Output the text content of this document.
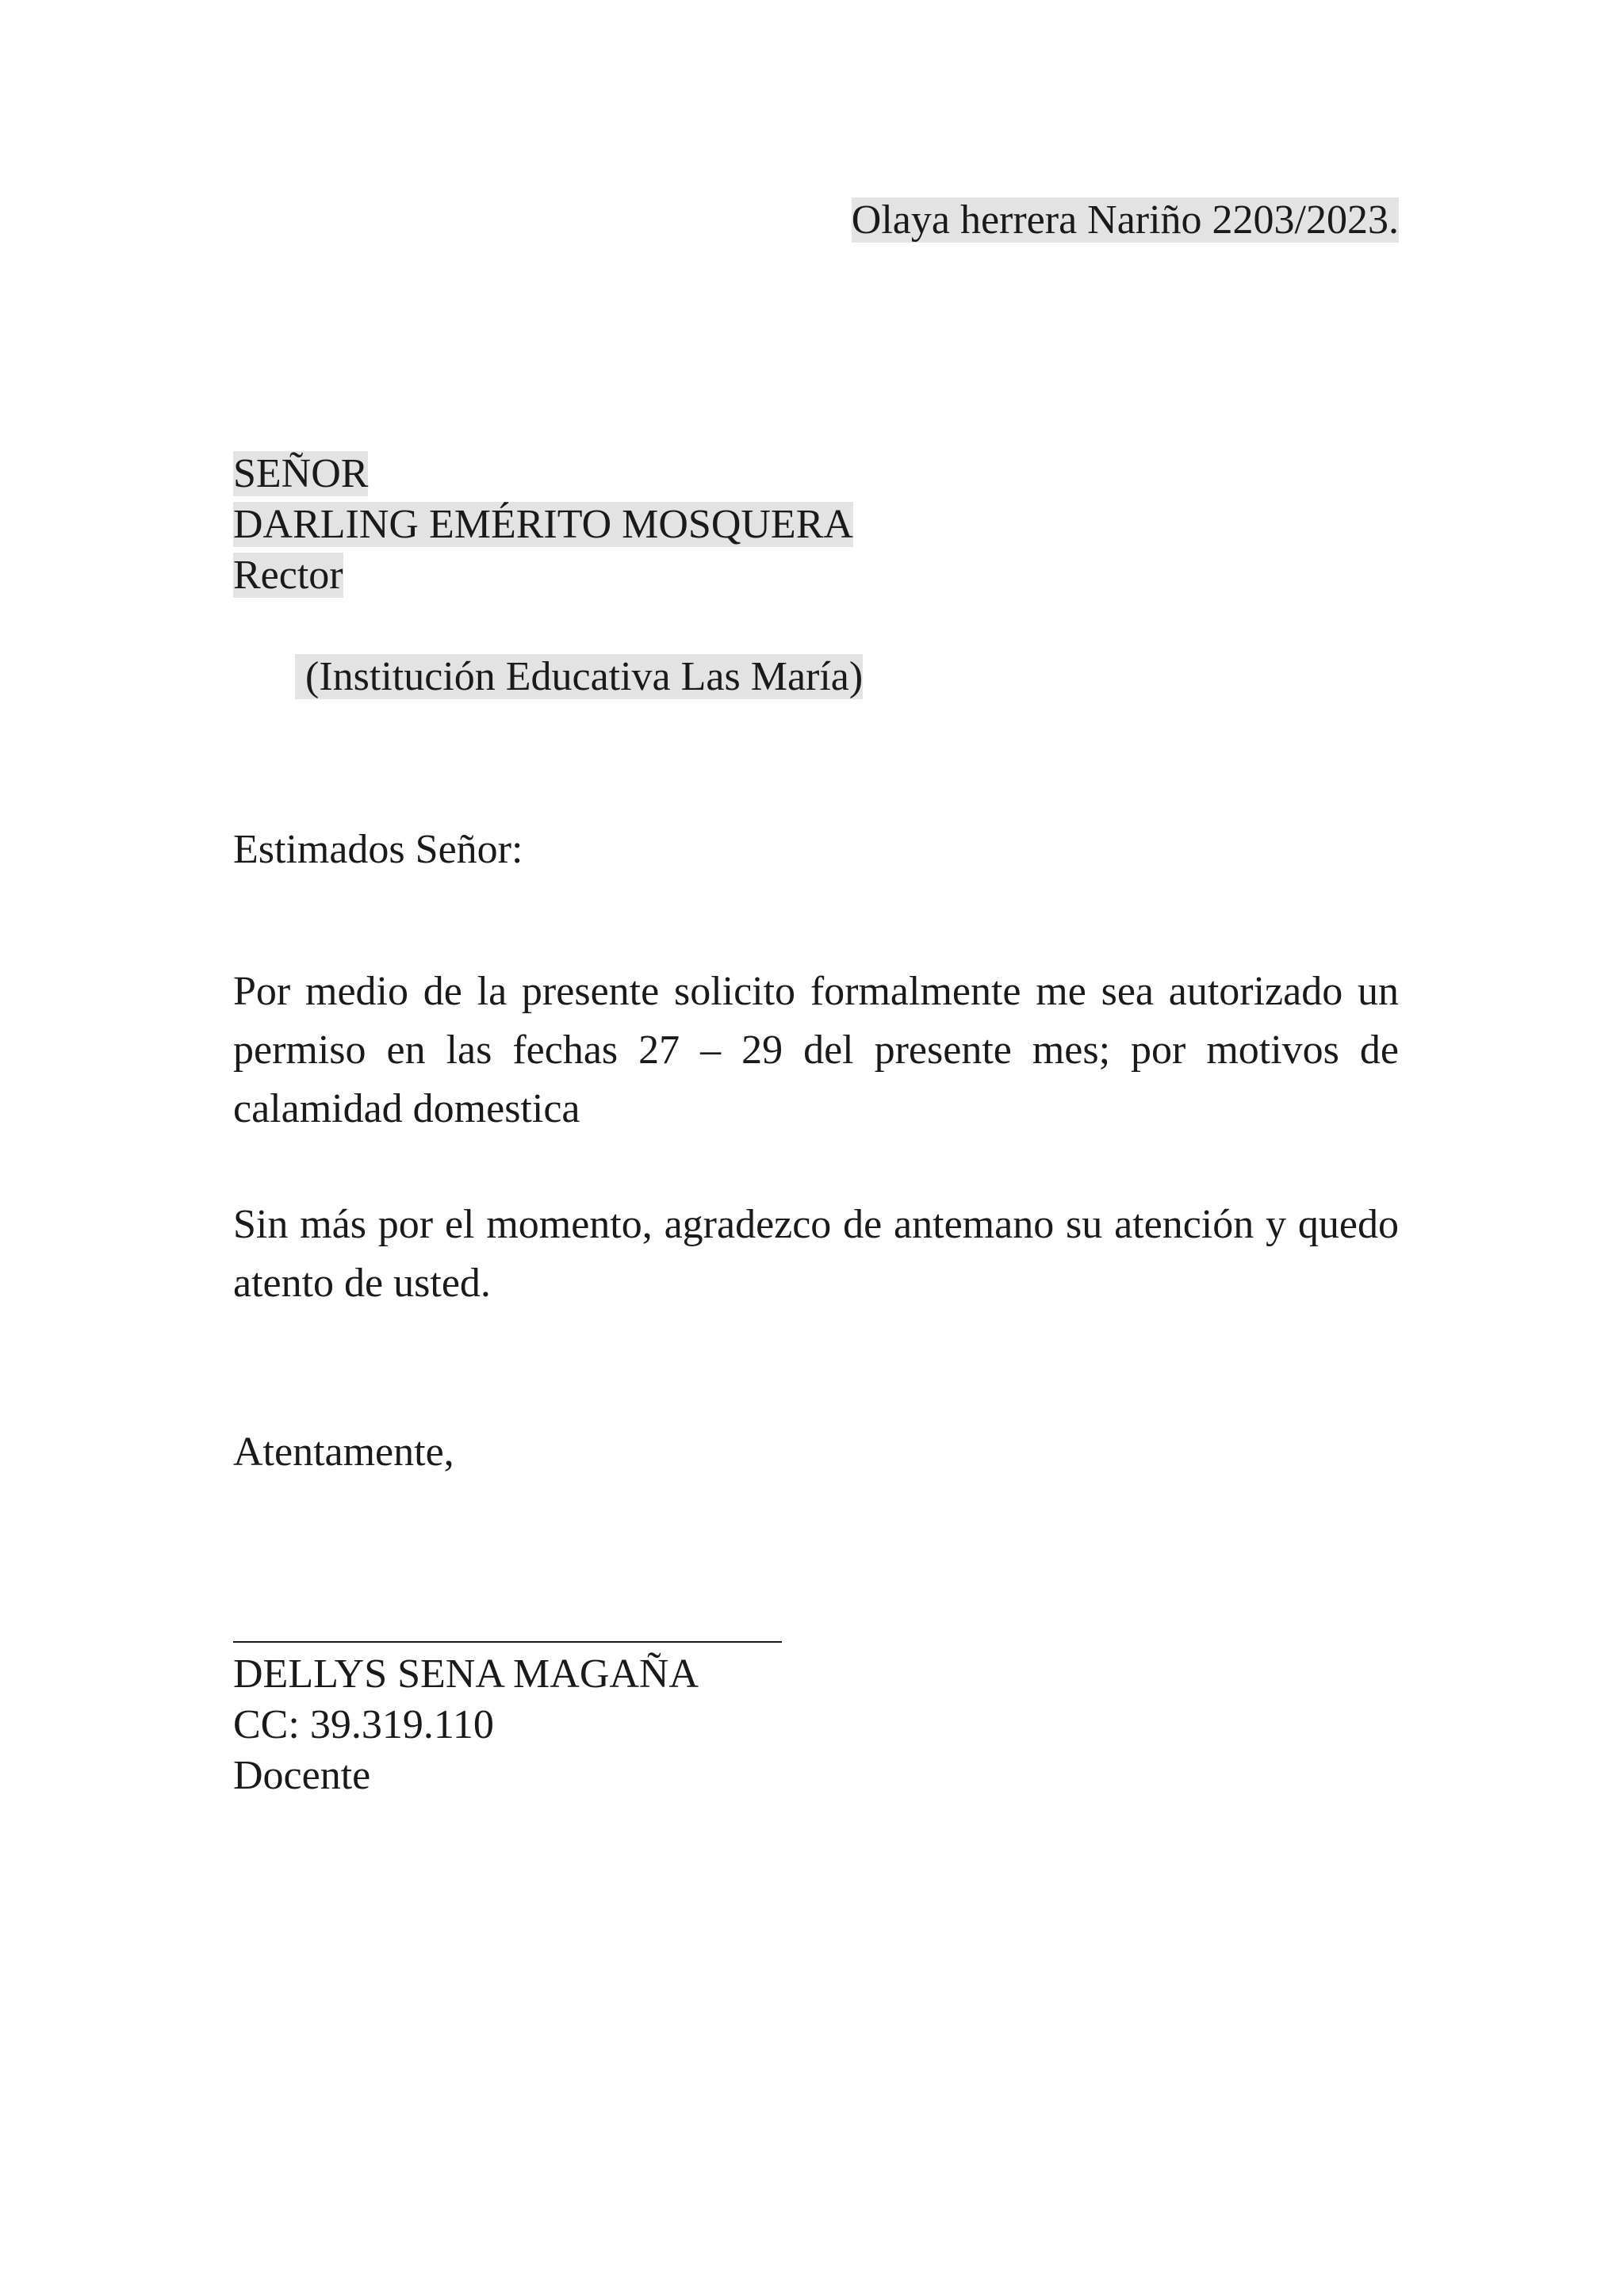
Olaya herrera Nariño 2203/2023.
SEÑOR
DARLING EMÉRITO MOSQUERA
Rector

(Institución Educativa Las María)

Estimados Señor:
Por medio de la presente solicito formalmente me sea autorizado un permiso en las fechas 27 – 29 del presente mes; por motivos de calamidad domestica
Sin más por el momento, agradezco de antemano su atención y quedo atento de usted.
Atentamente,
DELLYS SENA MAGAÑA
CC: 39.319.110
Docente
